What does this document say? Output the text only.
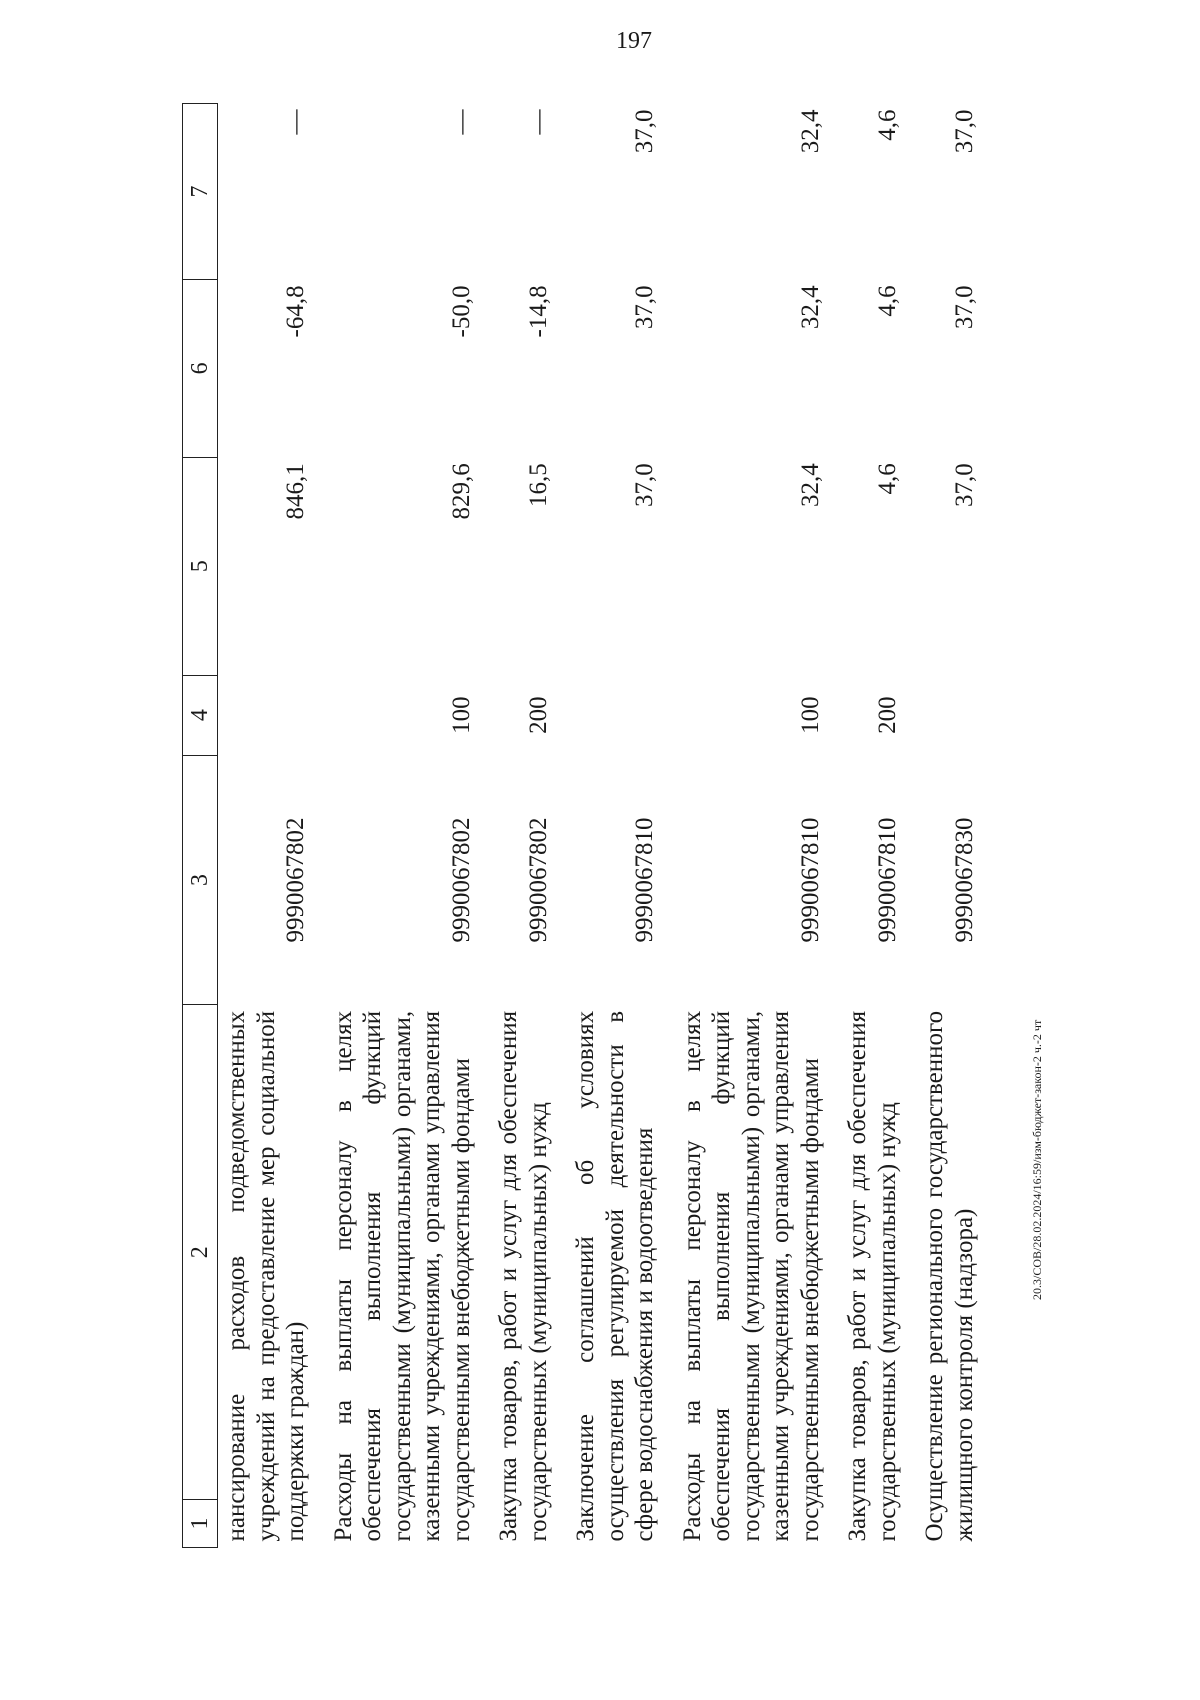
197
1	2	3	4	5	6	7
нансирование расходов подведомственных учреждений на предоставление мер социальной поддержки граждан)		9990067802		846,1	-64,8	—
Расходы на выплаты персоналу в целях обеспечения выполнения функций государственными (муниципальными) органами, казенными учреждениями, органами управления государственными внебюджетными фондами		9990067802	100	829,6	-50,0	—
Закупка товаров, работ и услуг для обеспечения государственных (муниципальных) нужд		9990067802	200	16,5	-14,8	—
Заключение соглашений об условиях осуществления регулируемой деятельности в сфере водоснабжения и водоотведения		9990067810		37,0	37,0	37,0
Расходы на выплаты персоналу в целях обеспечения выполнения функций государственными (муниципальными) органами, казенными учреждениями, органами управления государственными внебюджетными фондами		9990067810	100	32,4	32,4	32,4
Закупка товаров, работ и услуг для обеспечения государственных (муниципальных) нужд		9990067810	200	4,6	4,6	4,6
Осуществление регионального государственного жилищного контроля (надзора)		9990067830		37,0	37,0	37,0
20.3/СОВ/28.02.2024/16:59/изм-бюджет-закон-2 ч.-2 чт
